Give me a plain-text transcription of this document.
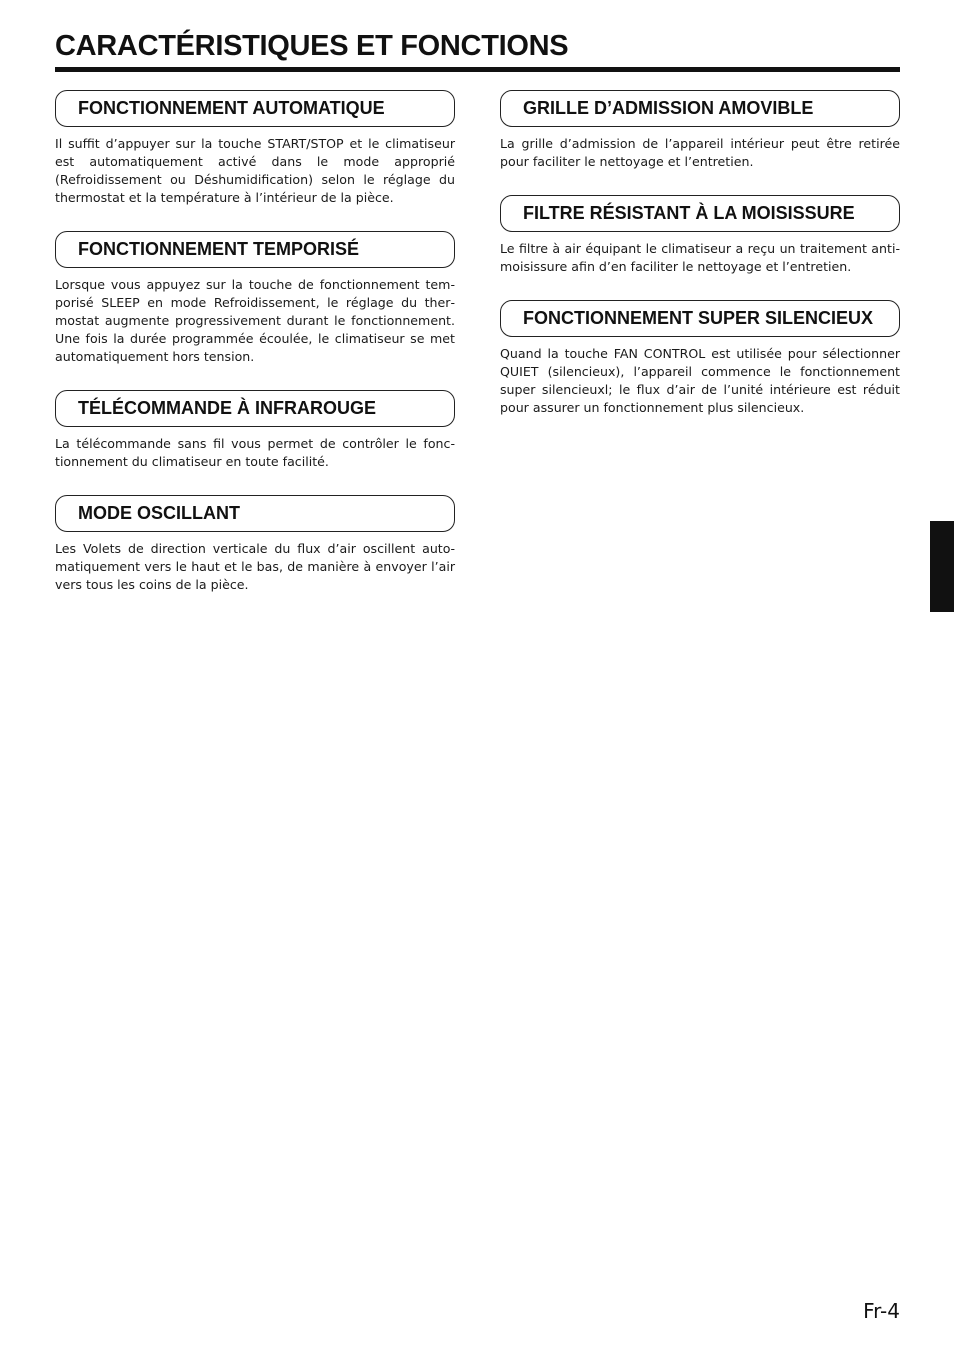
CARACTÉRISTIQUES ET FONCTIONS
FONCTIONNEMENT AUTOMATIQUE

Il suffit d’appuyer sur la touche START/STOP et le climatiseur est automatiquement activé dans le mode approprié (Refroidissement ou Déshumidification) selon le réglage du thermostat et la température à l’intérieur de la pièce.

FONCTIONNEMENT TEMPORISÉ

Lorsque vous appuyez sur la touche de fonctionnement temporisé SLEEP en mode Refroidissement, le réglage du thermostat augmente progressivement durant le fonctionnement. Une fois la durée programmée écoulée, le climatiseur se met automatiquement hors tension.

TÉLÉCOMMANDE À INFRAROUGE

La télécommande sans fil vous permet de contrôler le fonctionnement du climatiseur en toute facilité.

MODE OSCILLANT

Les Volets de direction verticale du flux d’air oscillent automatiquement vers le haut et le bas, de manière à envoyer l’air vers tous les coins de la pièce.

GRILLE D’ADMISSION AMOVIBLE

La grille d’admission de l’appareil intérieur peut être retirée pour faciliter le nettoyage et l’entretien.

FILTRE RÉSISTANT À LA MOISISSURE

Le filtre à air équipant le climatiseur a reçu un traitement anti-moisissure afin d’en faciliter le nettoyage et l’entretien.

FONCTIONNEMENT SUPER SILENCIEUX

Quand la touche FAN CONTROL est utilisée pour sélectionner QUIET (silencieux), l’appareil commence le fonctionnement super silencieuxl; le flux d’air de l’unité intérieure est réduit pour assurer un fonctionnement plus silencieux.

Fr-4
